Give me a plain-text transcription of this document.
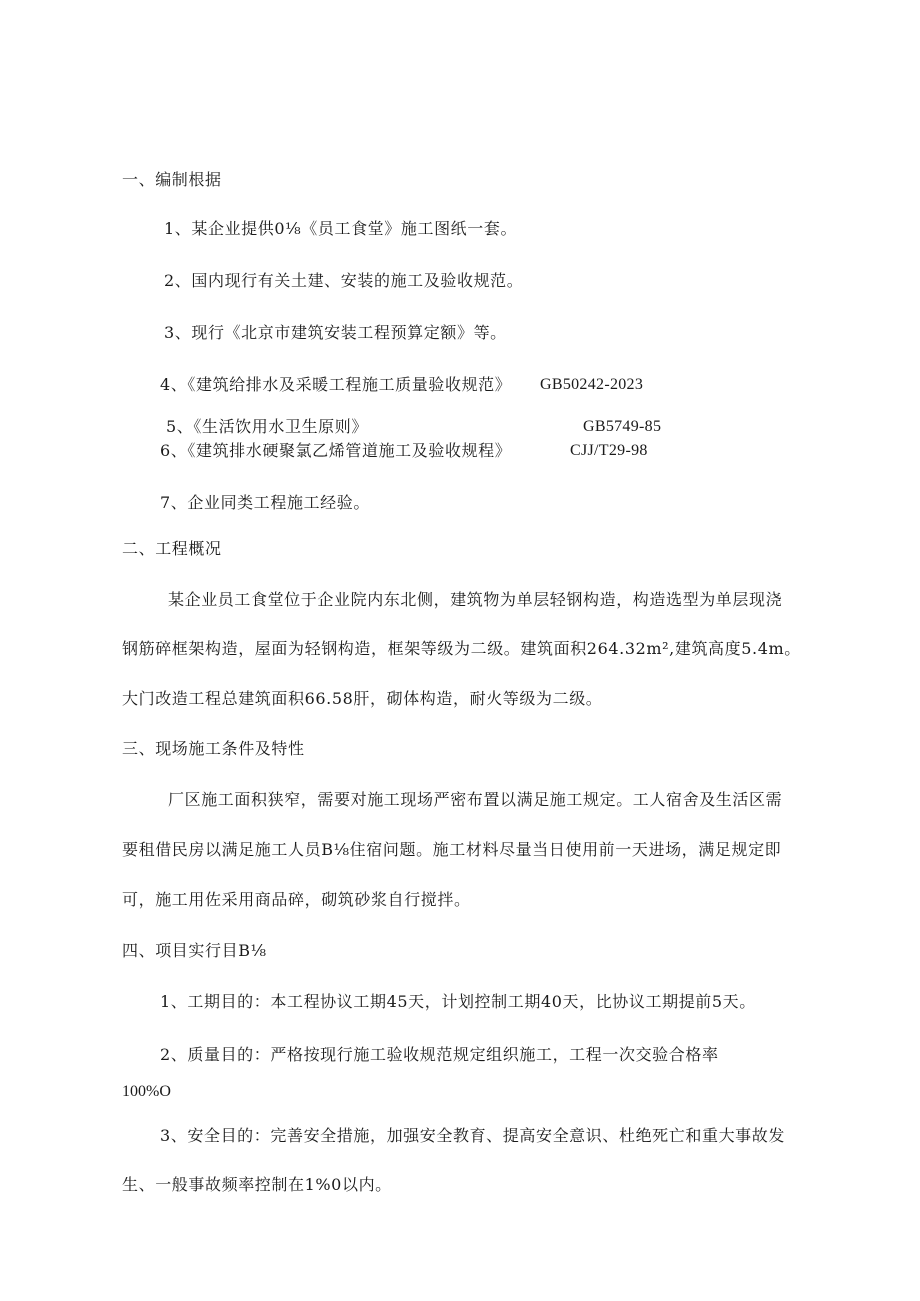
一、编制根据
1、某企业提供0⅛《员工食堂》施工图纸一套。
2、国内现行有关土建、安装的施工及验收规范。
3、现行《北京市建筑安装工程预算定额》等。
4、《建筑给排水及采暖工程施工质量验收规范》 GB50242-2023
5、《生活饮用水卫生原则》	GB5749-85
6、《建筑排水硬聚氯乙烯管道施工及验收规程》	CJJ/T29-98
7、企业同类工程施工经验。
二、工程概况
某企业员工食堂位于企业院内东北侧，建筑物为单层轻钢构造，构造选型为单层现浇
钢筋碎框架构造，屋面为轻钢构造，框架等级为二级。建筑面积264.32m²,建筑高度5.4m。
大门改造工程总建筑面积66.58肝，砌体构造，耐火等级为二级。
三、现场施工条件及特性
厂区施工面积狭窄，需要对施工现场严密布置以满足施工规定。工人宿舍及生活区需
要租借民房以满足施工人员B⅛住宿问题。施工材料尽量当日使用前一天进场，满足规定即
可，施工用佐采用商品碎，砌筑砂浆自行搅拌。
四、项目实行目B⅛
1、工期目的：本工程协议工期45天，计划控制工期40天，比协议工期提前5天。
2、质量目的：严格按现行施工验收规范规定组织施工，工程一次交验合格率
100%O
3、安全目的：完善安全措施，加强安全教育、提高安全意识、杜绝死亡和重大事故发
生、一般事故频率控制在1%0以内。
